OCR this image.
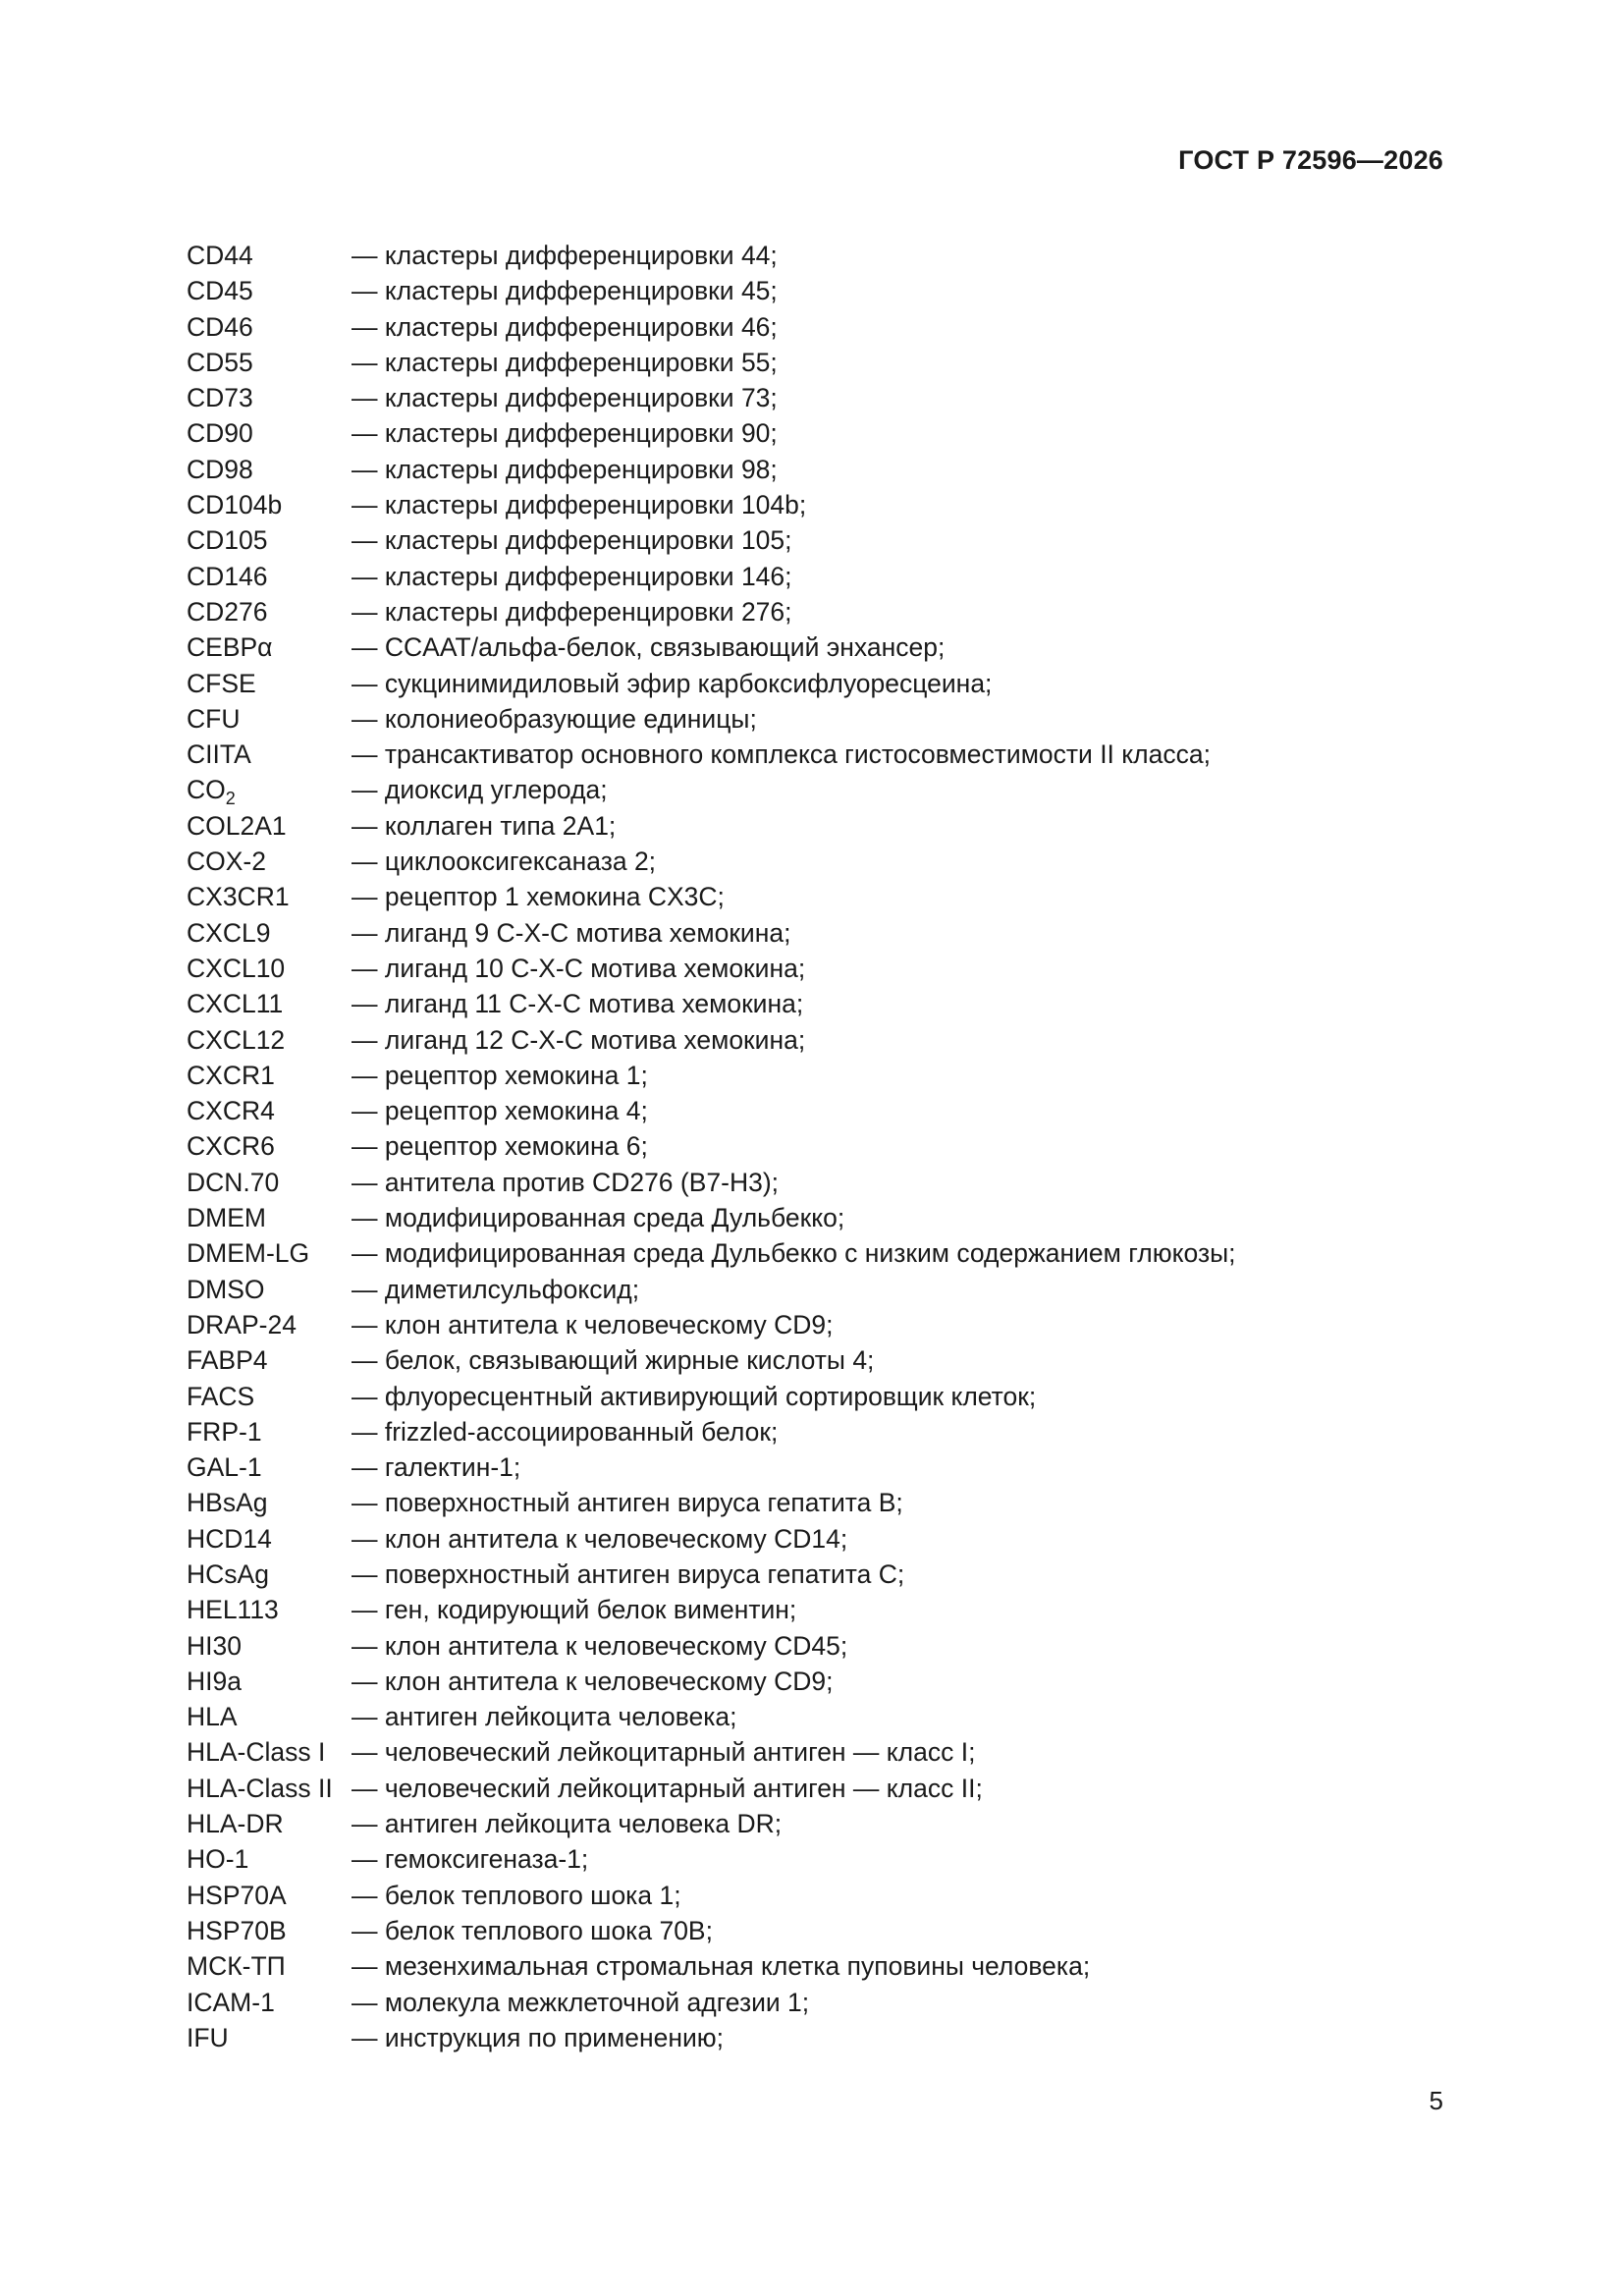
ГОСТ Р 72596—2026
CD44	— кластеры дифференцировки 44;
CD45	— кластеры дифференцировки 45;
CD46	— кластеры дифференцировки 46;
CD55	— кластеры дифференцировки 55;
CD73	— кластеры дифференцировки 73;
CD90	— кластеры дифференцировки 90;
CD98	— кластеры дифференцировки 98;
CD104b	— кластеры дифференцировки 104b;
CD105	— кластеры дифференцировки 105;
CD146	— кластеры дифференцировки 146;
CD276	— кластеры дифференцировки 276;
CEBPα	— CCAAT/альфа-белок, связывающий энхансер;
CFSE	— сукцинимидиловый эфир карбоксифлуоресцеина;
CFU	— колониеобразующие единицы;
CIITA	— трансактиватор основного комплекса гистосовместимости II класса;
$CO_2$	— диоксид углерода;
COL2A1	— коллаген типа 2A1;
COX-2	— циклооксигексаназа 2;
CX3CR1	— рецептор 1 хемокина CX3C;
CXCL9	— лиганд 9 С-Х-С мотива хемокина;
CXCL10	— лиганд 10 С-Х-С мотива хемокина;
CXCL11	— лиганд 11 С-Х-С мотива хемокина;
CXCL12	— лиганд 12 С-Х-С мотива хемокина;
CXCR1	— рецептор хемокина 1;
CXCR4	— рецептор хемокина 4;
CXCR6	— рецептор хемокина 6;
DCN.70	— антитела против CD276 (B7-H3);
DMEM	— модифицированная среда Дульбекко;
DMEM-LG	— модифицированная среда Дульбекко с низким содержанием глюкозы;
DMSO	— диметилсульфоксид;
DRAP-24	— клон антитела к человеческому CD9;
FABP4	— белок, связывающий жирные кислоты 4;
FACS	— флуоресцентный активирующий сортировщик клеток;
FRP-1	— frizzled-ассоциированный белок;
GAL-1	— галектин-1;
HBsAg	— поверхностный антиген вируса гепатита В;
HCD14	— клон антитела к человеческому CD14;
HCsAg	— поверхностный антиген вируса гепатита С;
HEL113	— ген, кодирующий белок виментин;
HI30	— клон антитела к человеческому CD45;
HI9a	— клон антитела к человеческому CD9;
HLA	— антиген лейкоцита человека;
HLA-Class I	— человеческий лейкоцитарный антиген — класс I;
HLA-Class II — человеческий лейкоцитарный антиген — класс II;
HLA-DR	— антиген лейкоцита человека DR;
HO-1	— гемоксигеназа-1;
HSP70A	— белок теплового шока 1;
HSP70B	— белок теплового шока 70B;
МСК-ТП	— мезенхимальная стромальная клетка пуповины человека;
ICAM-1	— молекула межклеточной адгезии 1;
IFU	— инструкция по применению;
5
